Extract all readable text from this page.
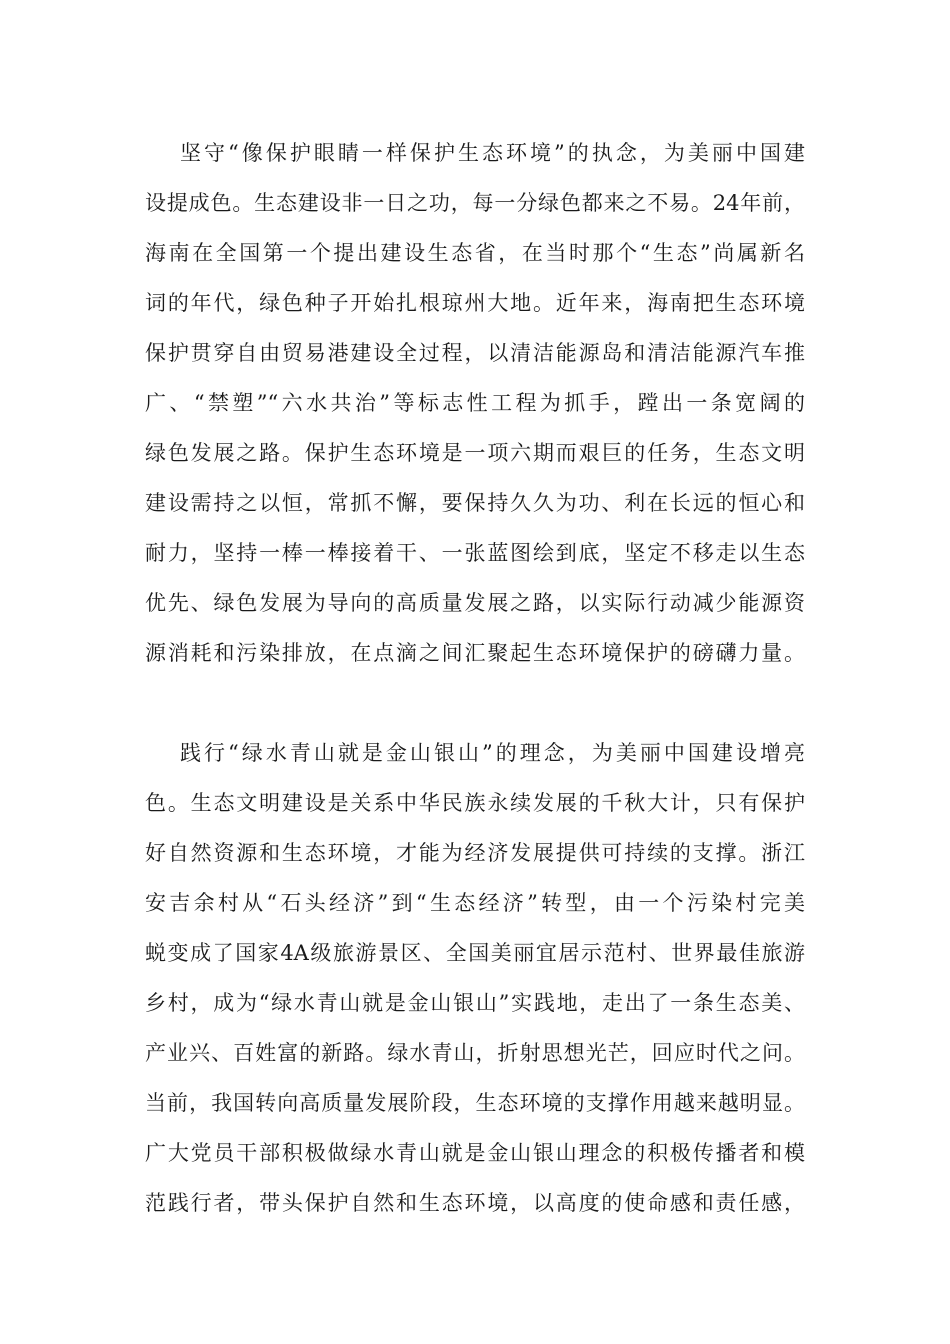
坚守“像保护眼睛一样保护生态环境”的执念，为美丽中国建
设提成色。生态建设非一日之功，每一分绿色都来之不易。24年前，
海南在全国第一个提出建设生态省，在当时那个“生态”尚属新名
词的年代，绿色种子开始扎根琼州大地。近年来，海南把生态环境
保护贯穿自由贸易港建设全过程，以清洁能源岛和清洁能源汽车推
广、“禁塑”“六水共治”等标志性工程为抓手，蹚出一条宽阔的
绿色发展之路。保护生态环境是一项六期而艰巨的任务，生态文明
建设需持之以恒，常抓不懈，要保持久久为功、利在长远的恒心和
耐力，坚持一棒一棒接着干、一张蓝图绘到底，坚定不移走以生态
优先、绿色发展为导向的高质量发展之路，以实际行动减少能源资
源消耗和污染排放，在点滴之间汇聚起生态环境保护的磅礴力量。
践行“绿水青山就是金山银山”的理念，为美丽中国建设增亮
色。生态文明建设是关系中华民族永续发展的千秋大计，只有保护
好自然资源和生态环境，才能为经济发展提供可持续的支撑。浙江
安吉余村从“石头经济”到“生态经济”转型，由一个污染村完美
蜕变成了国家4A级旅游景区、全国美丽宜居示范村、世界最佳旅游
乡村，成为“绿水青山就是金山银山”实践地，走出了一条生态美、
产业兴、百姓富的新路。绿水青山，折射思想光芒，回应时代之问。
当前，我国转向高质量发展阶段，生态环境的支撑作用越来越明显。
广大党员干部积极做绿水青山就是金山银山理念的积极传播者和模
范践行者，带头保护自然和生态环境，以高度的使命感和责任感，
